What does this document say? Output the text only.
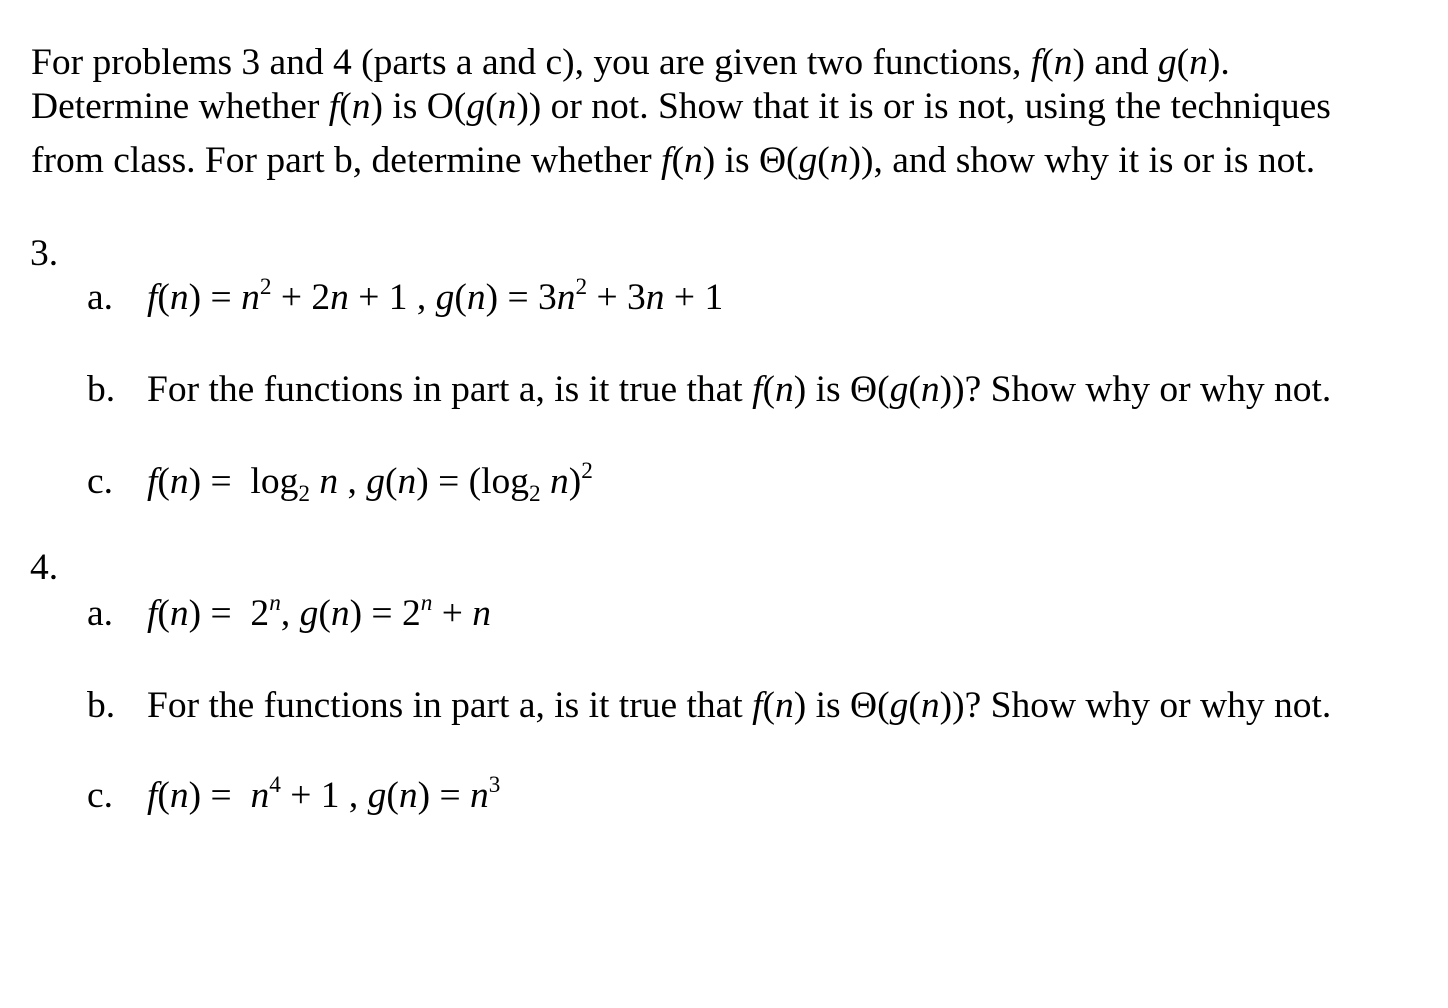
For problems 3 and 4 (parts a and c), you are given two functions, f(n) and g(n).
Determine whether f(n) is O(g(n)) or not. Show that it is or is not, using the techniques
from class. For part b, determine whether f(n) is Θ(g(n)), and show why it is or is not.
3.
a. $f(n) = n^2 + 2n + 1$ , $g(n) = 3n^2 + 3n + 1$
b. For the functions in part a, is it true that f(n) is Θ(g(n))? Show why or why not.
c. $f(n) = \log_2 n$ , $g(n) = (\log_2$ n)$^2$
4.
a. f(n) =  2$^n$, $g(n) = 2^n + n$
b. For the functions in part a, is it true that f(n) is Θ(g(n))? Show why or why not.
c. $f(n) = n^4 + 1$ , $g(n) = n^3$
